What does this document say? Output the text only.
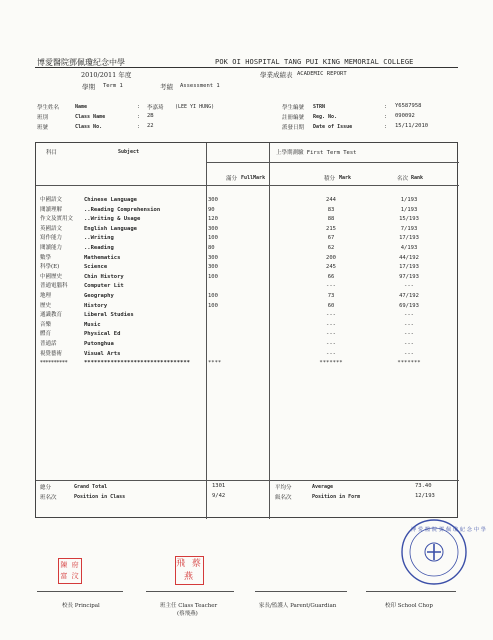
博愛醫院鄧佩瓊紀念中學	POK OI HOSPITAL TANG PUI KING MEMORIAL COLLEGE
2010/2011 年度	學業成績表 ACADEMIC REPORT
學期 Term 1	考績 Assessment 1
學生姓名	Name	: 李嘉琦 (LEE YI HUNG)
班別	Class Name	: 2B
班號	Class No.	: 22
學生編號 STRN	: Y6587958
註冊編號 Reg. No.	: 090092
派發日期 Date of Issue	: 15/11/2010
科目	Subject	上學期測驗 First Term Test
滿分 FullMark	積分 Mark	名次 Rank
中國語文	Chinese Language	300	244	1/193
閱讀理解	..Reading Comprehension	90	83	1/193
作文及實用文 ..Writing & Usage	120	88	15/193
英國語文	English Language	300	215	7/193
寫作能力	..Writing	100	67	17/193
閱讀能力	..Reading	80	62	4/193
數學	Mathematics	300	200	44/192
科學(E)	Science	300	245	17/193
中國歷史	Chin History	100	66	97/193
普通電腦科	Computer Lit	---	---
地理	Geography	100	73	47/192
歷史	History	100	60	69/193
通識教育	Liberal Studies	---	---
音樂	Music	---	---
體育	Physical Ed	---	---
普通話	Putonghua	---	---
視覺藝術	Visual Arts	---	---
**********	********************************	****	*******	*******
總分	Grand Total	1301
班名次	Position in Class	9/42
平均分	Average	73.40
級名次	Position in Form	12/193
陳 府 富 汶
飛 蔡 燕
博 愛 醫 院 鄧 佩 瓊 紀 念 中 學
校長 Principal	班主任 Class Teacher
(蔡飛燕)
家長/監護人 Parent/Guardian	校印 School Chop
